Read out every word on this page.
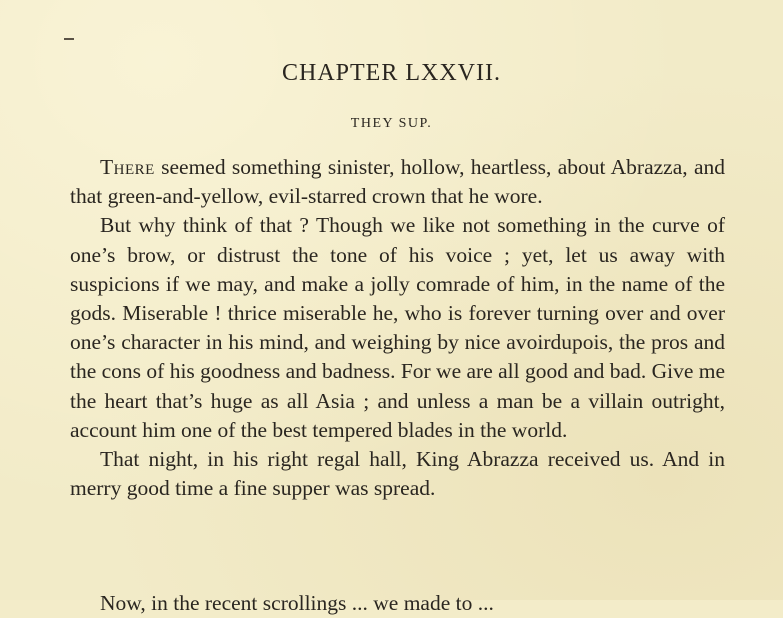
CHAPTER LXXVII.
THEY SUP.

There seemed something sinister, hollow, heartless, about Abrazza, and that green-and-yellow, evil-starred crown that he wore.

But why think of that ? Though we like not something in the curve of one’s brow, or distrust the tone of his voice ; yet, let us away with suspicions if we may, and make a jolly comrade of him, in the name of the gods. Miserable ! thrice miserable he, who is forever turning over and over one’s character in his mind, and weighing by nice avoirdupois, the pros and the cons of his goodness and badness. For we are all good and bad. Give me the heart that’s huge as all Asia ; and unless a man be a villain outright, account him one of the best tempered blades in the world.

That night, in his right regal hall, King Abrazza received us. And in merry good time a fine supper was spread.

Now, in the recent scrollings ... we made to ...
